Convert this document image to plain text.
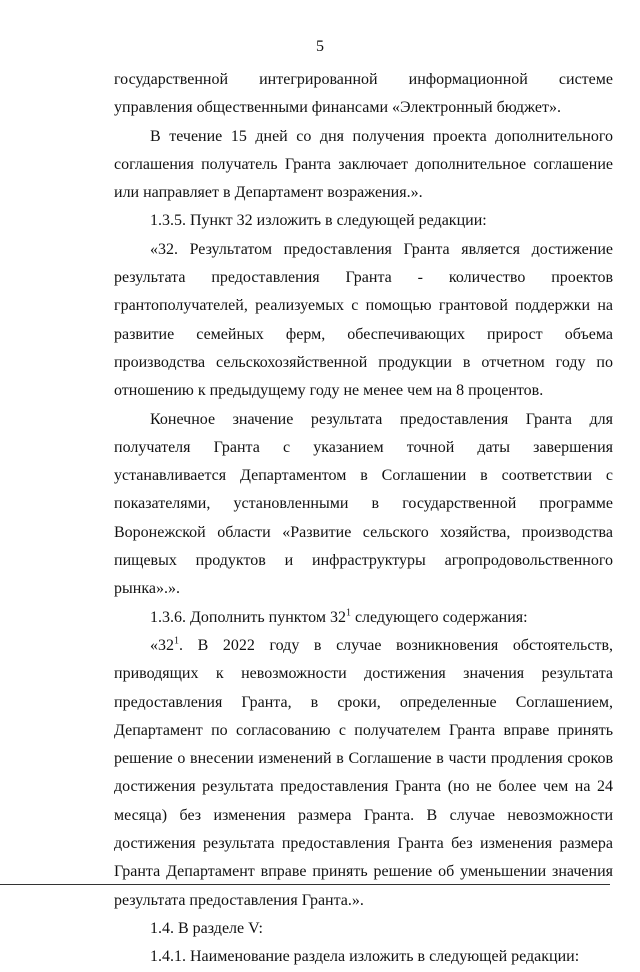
5

государственной интегрированной информационной системе управления общественными финансами «Электронный бюджет».

В течение 15 дней со дня получения проекта дополнительного соглашения получатель Гранта заключает дополнительное соглашение или направляет в Департамент возражения.».

1.3.5. Пункт 32 изложить в следующей редакции:

«32. Результатом предоставления Гранта является достижение результата предоставления Гранта - количество проектов грантополучателей, реализуемых с помощью грантовой поддержки на развитие семейных ферм, обеспечивающих прирост объема производства сельскохозяйственной продукции в отчетном году по отношению к предыдущему году не менее чем на 8 процентов.

Конечное значение результата предоставления Гранта для получателя Гранта с указанием точной даты завершения устанавливается Департаментом в Соглашении в соответствии с показателями, установленными в государственной программе Воронежской области «Развитие сельского хозяйства, производства пищевых продуктов и инфраструктуры агропродовольственного рынка».».

1.3.6. Дополнить пунктом $32^1$ следующего содержания:

«$32^1$. В 2022 году в случае возникновения обстоятельств, приводящих к невозможности достижения значения результата предоставления Гранта, в сроки, определенные Соглашением, Департамент по согласованию с получателем Гранта вправе принять решение о внесении изменений в Соглашение в части продления сроков достижения результата предоставления Гранта (но не более чем на 24 месяца) без изменения размера Гранта. В случае невозможности достижения результата предоставления Гранта без изменения размера Гранта Департамент вправе принять решение об уменьшении значения результата предоставления Гранта.».

1.4. В разделе V:

1.4.1. Наименование раздела изложить в следующей редакции:
